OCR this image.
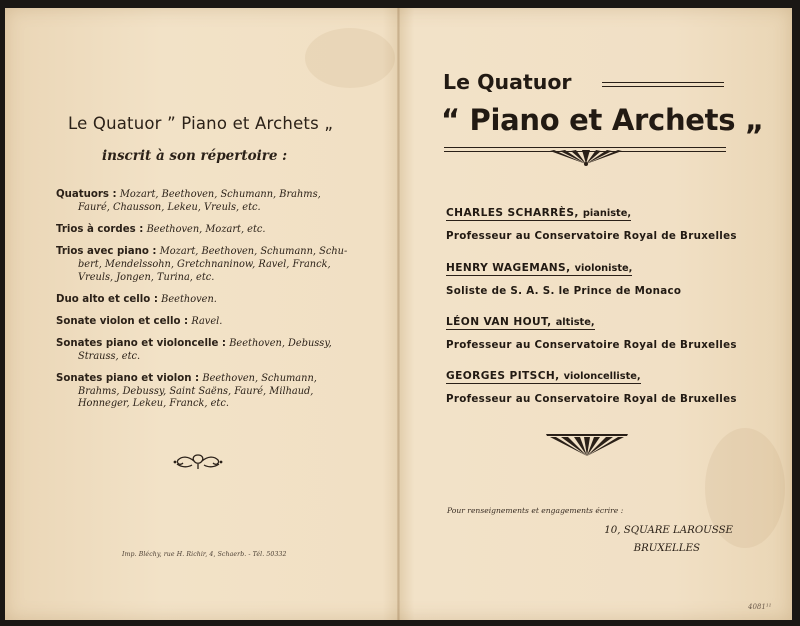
Le Quatuor ” Piano et Archets „
inscrit à son répertoire :
Quatuors : Mozart, Beethoven, Schumann, Brahms, Fauré, Chausson, Lekeu, Vreuls, etc.
Trios à cordes : Beethoven, Mozart, etc.
Trios avec piano : Mozart, Beethoven, Schumann, Schu-bert, Mendelssohn, Gretchnaninow, Ravel, Franck, Vreuls, Jongen, Turina, etc.
Duo alto et cello : Beethoven.
Sonate violon et cello : Ravel.
Sonates piano et violoncelle : Beethoven, Debussy, Strauss, etc.
Sonates piano et violon : Beethoven, Schumann, Brahms, Debussy, Saint Saëns, Fauré, Milhaud, Honneger, Lekeu, Franck, etc.
Imp. Bléchy, rue H. Richir, 4, Schaerb. - Tél. 50332
Le Quatuor
“ Piano et Archets „
CHARLES SCHARRÈS, pianiste,
Professeur au Conservatoire Royal de Bruxelles
HENRY WAGEMANS, violoniste,
Soliste de S. A. S. le Prince de Monaco
LÉON VAN HOUT, altiste,
Professeur au Conservatoire Royal de Bruxelles
GEORGES PITSCH, violoncelliste,
Professeur au Conservatoire Royal de Bruxelles
Pour renseignements et engagements écrire :
10, SQUARE LAROUSSE
BRUXELLES
4081¹¹
